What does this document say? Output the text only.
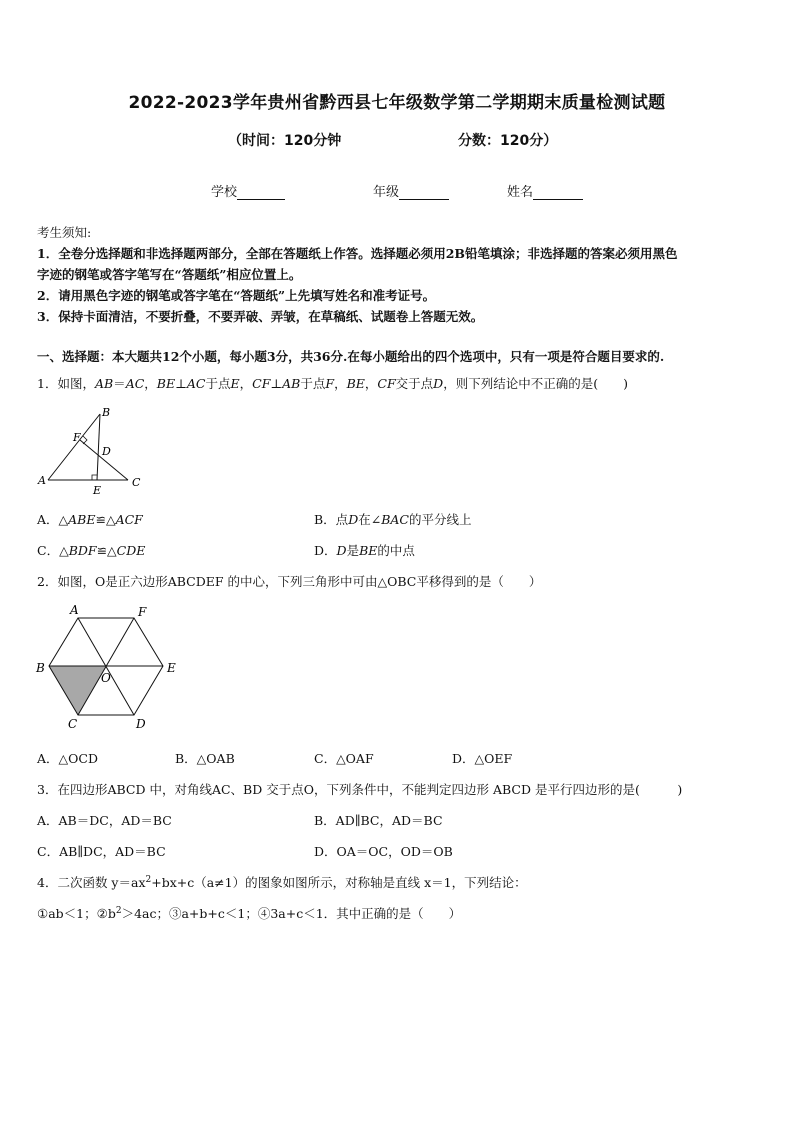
2022-2023学年贵州省黔西县七年级数学第二学期期末质量检测试题
（时间：120分钟	分数：120分）
学校	年级	姓名

考生须知:

1．全卷分选择题和非选择题两部分，全部在答题纸上作答。选择题必须用2B铅笔填涂；非选择题的答案必须用黑色

字迹的钢笔或答字笔写在“答题纸”相应位置上。

2．请用黑色字迹的钢笔或答字笔在“答题纸”上先填写姓名和准考证号。

3．保持卡面清洁，不要折叠，不要弄破、弄皱，在草稿纸、试题卷上答题无效。

一、选择题：本大题共12个小题，每小题3分，共36分.在每小题给出的四个选项中，只有一项是符合题目要求的.
1．如图，AB＝AC，BE⊥AC于点E，CF⊥AB于点F，BE，CF交于点D，则下列结论中不正确的是(　　)
B
F
D
A
E
C
A．△ABE≌△ACF	B．点D在∠BAC的平分线上
C．△BDF≌△CDE	D．D是BE的中点
2．如图，O是正六边形ABCDEF 的中心，下列三角形中可由△OBC平移得到的是（　　）
A	F
B
O
E
C	D
A．△OCD	B．△OAB	C．△OAF	D．△OEF
3．在四边形ABCD 中，对角线AC、BD 交于点O，下列条件中，不能判定四边形 ABCD 是平行四边形的是(　　　)
A．AB＝DC，AD＝BC	B．AD∥BC，AD＝BC
C．AB∥DC，AD＝BC	D．OA＝OC，OD＝OB
4．二次函数 $y=ax^2+bx+c(a\ne 1)$的图象如图所示，对称轴是直线 x＝1，下列结论：
①ab＜1；$②b^2>4ac$；③a+b+c＜1；④3a+c＜1．其中正确的是（　　）
